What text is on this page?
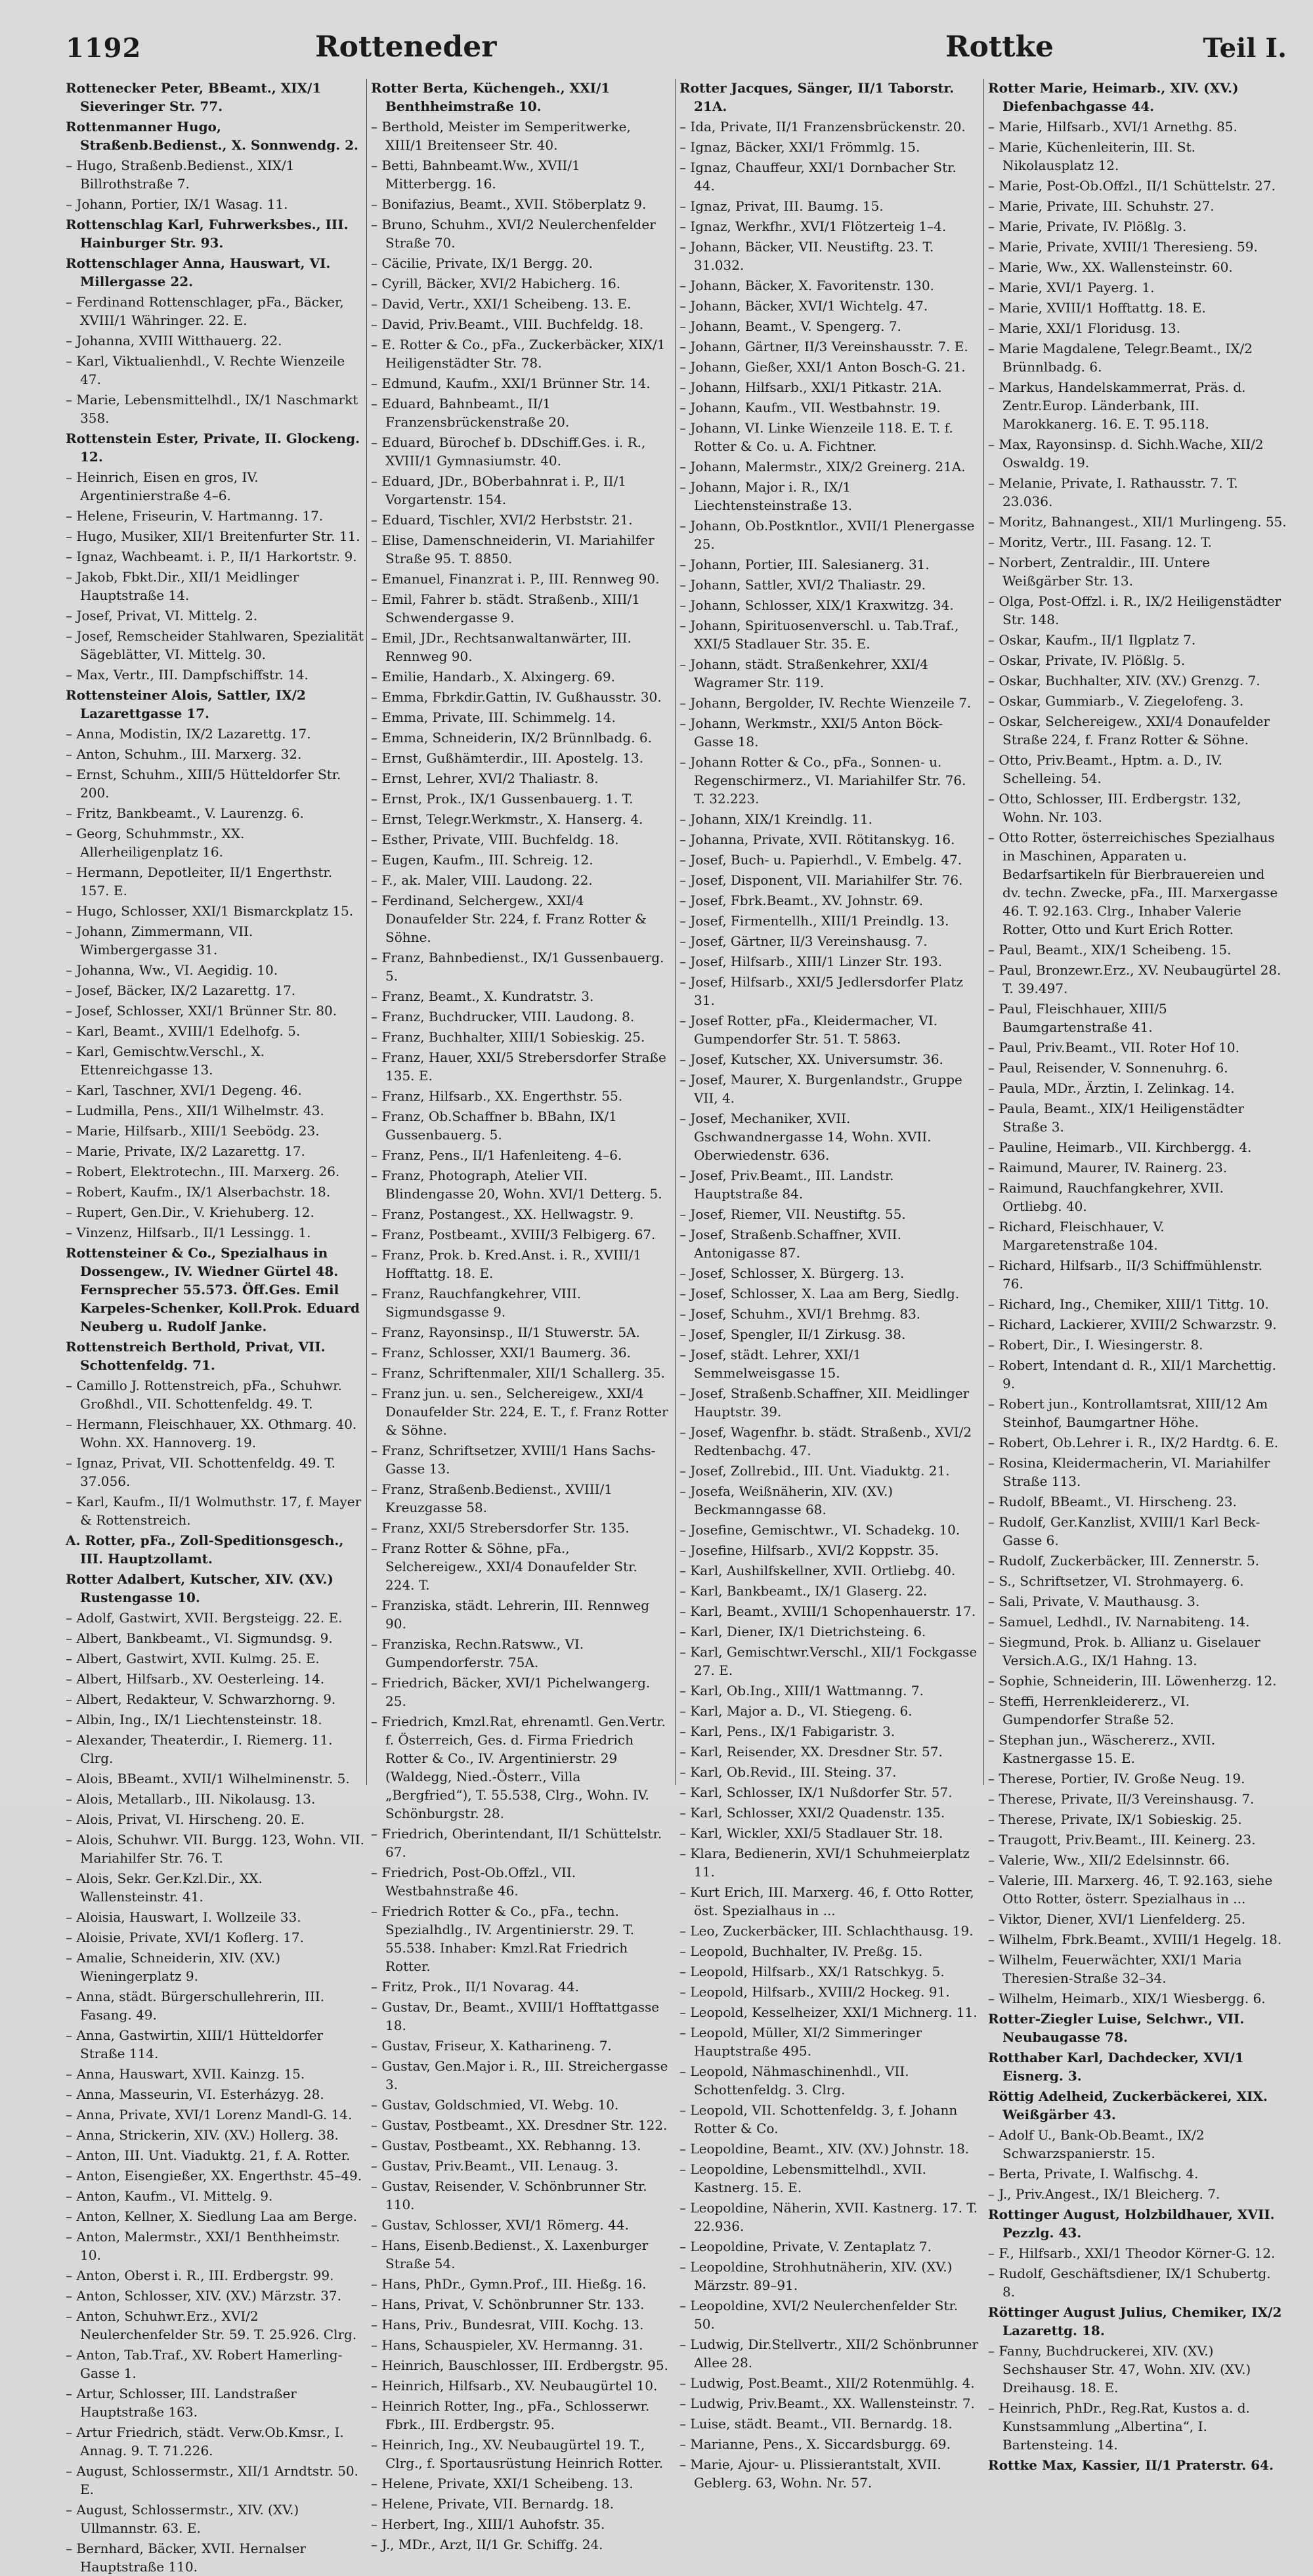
1192	Rotteneder	Rottke	Teil I.

Rottenecker Peter, BBeamt., XIX/1 Sieveringer Str. 77.

Rottenmanner Hugo, Straßenb.Bedienst., X. Sonnwendg. 2.

– Hugo, Straßenb.Bedienst., XIX/1 Billrothstraße 7.

– Johann, Portier, IX/1 Wasag. 11.

Rottenschlag Karl, Fuhrwerksbes., III. Hainburger Str. 93.

Rottenschlager Anna, Hauswart, VI. Millergasse 22.

– Ferdinand Rottenschlager, pFa., Bäcker, XVIII/1 Währinger. 22. E.

– Johanna, XVIII Witthauerg. 22.

– Karl, Viktualienhdl., V. Rechte Wienzeile 47.

– Marie, Lebensmittelhdl., IX/1 Naschmarkt 358.

Rottenstein Ester, Private, II. Glockeng. 12.

– Heinrich, Eisen en gros, IV. Argentinierstraße 4–6.

– Helene, Friseurin, V. Hartmanng. 17.

– Hugo, Musiker, XII/1 Breitenfurter Str. 11.

– Ignaz, Wachbeamt. i. P., II/1 Harkortstr. 9.

– Jakob, Fbkt.Dir., XII/1 Meidlinger Hauptstraße 14.

– Josef, Privat, VI. Mittelg. 2.

– Josef, Remscheider Stahlwaren, Spezialität Sägeblätter, VI. Mittelg. 30.

– Max, Vertr., III. Dampfschiffstr. 14.

Rottensteiner Alois, Sattler, IX/2 Lazarettgasse 17.

– Anna, Modistin, IX/2 Lazarettg. 17.

– Anton, Schuhm., III. Marxerg. 32.

– Ernst, Schuhm., XIII/5 Hütteldorfer Str. 200.

– Fritz, Bankbeamt., V. Laurenzg. 6.

– Georg, Schuhmmstr., XX. Allerheiligenplatz 16.

– Hermann, Depotleiter, II/1 Engerthstr. 157. E.

– Hugo, Schlosser, XXI/1 Bismarckplatz 15.

– Johann, Zimmermann, VII. Wimbergergasse 31.

– Johanna, Ww., VI. Aegidig. 10.

– Josef, Bäcker, IX/2 Lazarettg. 17.

– Josef, Schlosser, XXI/1 Brünner Str. 80.

– Karl, Beamt., XVIII/1 Edelhofg. 5.

– Karl, Gemischtw.Verschl., X. Ettenreichgasse 13.

– Karl, Taschner, XVI/1 Degeng. 46.

– Ludmilla, Pens., XII/1 Wilhelmstr. 43.

– Marie, Hilfsarb., XIII/1 Seebödg. 23.

– Marie, Private, IX/2 Lazarettg. 17.

– Robert, Elektrotechn., III. Marxerg. 26.

– Robert, Kaufm., IX/1 Alserbachstr. 18.

– Rupert, Gen.Dir., V. Kriehuberg. 12.

– Vinzenz, Hilfsarb., II/1 Lessingg. 1.

Rottensteiner & Co., Spezialhaus in Dossengew., IV. Wiedner Gürtel 48. Fernsprecher 55.573. Öff.Ges. Emil Karpeles-Schenker, Koll.Prok. Eduard Neuberg u. Rudolf Janke.

Rottenstreich Berthold, Privat, VII. Schottenfeldg. 71.

– Camillo J. Rottenstreich, pFa., Schuhwr. Großhdl., VII. Schottenfeldg. 49. T.

– Hermann, Fleischhauer, XX. Othmarg. 40. Wohn. XX. Hannoverg. 19.

– Ignaz, Privat, VII. Schottenfeldg. 49. T. 37.056.

– Karl, Kaufm., II/1 Wolmuthstr. 17, f. Mayer & Rottenstreich.

A. Rotter, pFa., Zoll-Speditionsgesch., III. Hauptzollamt.

Rotter Adalbert, Kutscher, XIV. (XV.) Rustengasse 10.

– Adolf, Gastwirt, XVII. Bergsteigg. 22. E.

– Albert, Bankbeamt., VI. Sigmundsg. 9.

– Albert, Gastwirt, XVII. Kulmg. 25. E.

– Albert, Hilfsarb., XV. Oesterleing. 14.

– Albert, Redakteur, V. Schwarzhorng. 9.

– Albin, Ing., IX/1 Liechtensteinstr. 18.

– Alexander, Theaterdir., I. Riemerg. 11. Clrg.

– Alois, BBeamt., XVII/1 Wilhelminenstr. 5.

– Alois, Metallarb., III. Nikolausg. 13.

– Alois, Privat, VI. Hirscheng. 20. E.

– Alois, Schuhwr. VII. Burgg. 123, Wohn. VII. Mariahilfer Str. 76. T.

– Alois, Sekr. Ger.Kzl.Dir., XX. Wallensteinstr. 41.

– Aloisia, Hauswart, I. Wollzeile 33.

– Aloisie, Private, XVI/1 Koflerg. 17.

– Amalie, Schneiderin, XIV. (XV.) Wieningerplatz 9.

– Anna, städt. Bürgerschullehrerin, III. Fasang. 49.

– Anna, Gastwirtin, XIII/1 Hütteldorfer Straße 114.

– Anna, Hauswart, XVII. Kainzg. 15.

– Anna, Masseurin, VI. Esterházyg. 28.

– Anna, Private, XVI/1 Lorenz Mandl-G. 14.

– Anna, Strickerin, XIV. (XV.) Hollerg. 38.

– Anton, III. Unt. Viaduktg. 21, f. A. Rotter.

– Anton, Eisengießer, XX. Engerthstr. 45–49.

– Anton, Kaufm., VI. Mittelg. 9.

– Anton, Kellner, X. Siedlung Laa am Berge.

– Anton, Malermstr., XXI/1 Benthheimstr. 10.

– Anton, Oberst i. R., III. Erdbergstr. 99.

– Anton, Schlosser, XIV. (XV.) Märzstr. 37.

– Anton, Schuhwr.Erz., XVI/2 Neulerchenfelder Str. 59. T. 25.926. Clrg.

– Anton, Tab.Traf., XV. Robert Hamerling-Gasse 1.

– Artur, Schlosser, III. Landstraßer Hauptstraße 163.

– Artur Friedrich, städt. Verw.Ob.Kmsr., I. Annag. 9. T. 71.226.

– August, Schlossermstr., XII/1 Arndtstr. 50. E.

– August, Schlossermstr., XIV. (XV.) Ullmannstr. 63. E.

– Bernhard, Bäcker, XVII. Hernalser Hauptstraße 110.

Rotter Berta, Küchengeh., XXI/1 Benthheimstraße 10.

– Berthold, Meister im Semperitwerke, XIII/1 Breitenseer Str. 40.

– Betti, Bahnbeamt.Ww., XVII/1 Mitterbergg. 16.

– Bonifazius, Beamt., XVII. Stöberplatz 9.

– Bruno, Schuhm., XVI/2 Neulerchenfelder Straße 70.

– Cäcilie, Private, IX/1 Bergg. 20.

– Cyrill, Bäcker, XVI/2 Habicherg. 16.

– David, Vertr., XXI/1 Scheibeng. 13. E.

– David, Priv.Beamt., VIII. Buchfeldg. 18.

– E. Rotter & Co., pFa., Zuckerbäcker, XIX/1 Heiligenstädter Str. 78.

– Edmund, Kaufm., XXI/1 Brünner Str. 14.

– Eduard, Bahnbeamt., II/1 Franzensbrückenstraße 20.

– Eduard, Bürochef b. DDschiff.Ges. i. R., XVIII/1 Gymnasiumstr. 40.

– Eduard, JDr., BOberbahnrat i. P., II/1 Vorgartenstr. 154.

– Eduard, Tischler, XVI/2 Herbststr. 21.

– Elise, Damenschneiderin, VI. Mariahilfer Straße 95. T. 8850.

– Emanuel, Finanzrat i. P., III. Rennweg 90.

– Emil, Fahrer b. städt. Straßenb., XIII/1 Schwendergasse 9.

– Emil, JDr., Rechtsanwaltanwärter, III. Rennweg 90.

– Emilie, Handarb., X. Alxingerg. 69.

– Emma, Fbrkdir.Gattin, IV. Gußhausstr. 30.

– Emma, Private, III. Schimmelg. 14.

– Emma, Schneiderin, IX/2 Brünnlbadg. 6.

– Ernst, Gußhämterdir., III. Apostelg. 13.

– Ernst, Lehrer, XVI/2 Thaliastr. 8.

– Ernst, Prok., IX/1 Gussenbauerg. 1. T.

– Ernst, Telegr.Werkmstr., X. Hanserg. 4.

– Esther, Private, VIII. Buchfeldg. 18.

– Eugen, Kaufm., III. Schreig. 12.

– F., ak. Maler, VIII. Laudong. 22.

– Ferdinand, Selchergew., XXI/4 Donaufelder Str. 224, f. Franz Rotter & Söhne.

– Franz, Bahnbedienst., IX/1 Gussenbauerg. 5.

– Franz, Beamt., X. Kundratstr. 3.

– Franz, Buchdrucker, VIII. Laudong. 8.

– Franz, Buchhalter, XIII/1 Sobieskig. 25.

– Franz, Hauer, XXI/5 Strebersdorfer Straße 135. E.

– Franz, Hilfsarb., XX. Engerthstr. 55.

– Franz, Ob.Schaffner b. BBahn, IX/1 Gussenbauerg. 5.

– Franz, Pens., II/1 Hafenleiteng. 4–6.

– Franz, Photograph, Atelier VII. Blindengasse 20, Wohn. XVI/1 Detterg. 5.

– Franz, Postangest., XX. Hellwagstr. 9.

– Franz, Postbeamt., XVIII/3 Felbigerg. 67.

– Franz, Prok. b. Kred.Anst. i. R., XVIII/1 Hofftattg. 18. E.

– Franz, Rauchfangkehrer, VIII. Sigmundsgasse 9.

– Franz, Rayonsinsp., II/1 Stuwerstr. 5A.

– Franz, Schlosser, XXI/1 Baumerg. 36.

– Franz, Schriftenmaler, XII/1 Schallerg. 35.

– Franz jun. u. sen., Selchereigew., XXI/4 Donaufelder Str. 224, E. T., f. Franz Rotter & Söhne.

– Franz, Schriftsetzer, XVIII/1 Hans Sachs-Gasse 13.

– Franz, Straßenb.Bedienst., XVIII/1 Kreuzgasse 58.

– Franz, XXI/5 Strebersdorfer Str. 135.

– Franz Rotter & Söhne, pFa., Selchereigew., XXI/4 Donaufelder Str. 224. T.

– Franziska, städt. Lehrerin, III. Rennweg 90.

– Franziska, Rechn.Ratsww., VI. Gumpendorferstr. 75A.

– Friedrich, Bäcker, XVI/1 Pichelwangerg. 25.

– Friedrich, Kmzl.Rat, ehrenamtl. Gen.Vertr. f. Österreich, Ges. d. Firma Friedrich Rotter & Co., IV. Argentinierstr. 29 (Waldegg, Nied.-Österr., Villa „Bergfried“), T. 55.538, Clrg., Wohn. IV. Schönburgstr. 28.

– Friedrich, Oberintendant, II/1 Schüttelstr. 67.

– Friedrich, Post-Ob.Offzl., VII. Westbahnstraße 46.

– Friedrich Rotter & Co., pFa., techn. Spezialhdlg., IV. Argentinierstr. 29. T. 55.538. Inhaber: Kmzl.Rat Friedrich Rotter.

– Fritz, Prok., II/1 Novarag. 44.

– Gustav, Dr., Beamt., XVIII/1 Hofftattgasse 18.

– Gustav, Friseur, X. Katharineng. 7.

– Gustav, Gen.Major i. R., III. Streichergasse 3.

– Gustav, Goldschmied, VI. Webg. 10.

– Gustav, Postbeamt., XX. Dresdner Str. 122.

– Gustav, Postbeamt., XX. Rebhanng. 13.

– Gustav, Priv.Beamt., VII. Lenaug. 3.

– Gustav, Reisender, V. Schönbrunner Str. 110.

– Gustav, Schlosser, XVI/1 Römerg. 44.

– Hans, Eisenb.Bedienst., X. Laxenburger Straße 54.

– Hans, PhDr., Gymn.Prof., III. Hießg. 16.

– Hans, Privat, V. Schönbrunner Str. 133.

– Hans, Priv., Bundesrat, VIII. Kochg. 13.

– Hans, Schauspieler, XV. Hermanng. 31.

– Heinrich, Bauschlosser, III. Erdbergstr. 95.

– Heinrich, Hilfsarb., XV. Neubaugürtel 10.

– Heinrich Rotter, Ing., pFa., Schlosserwr. Fbrk., III. Erdbergstr. 95.

– Heinrich, Ing., XV. Neubaugürtel 19. T., Clrg., f. Sportausrüstung Heinrich Rotter.

– Helene, Private, XXI/1 Scheibeng. 13.

– Helene, Private, VII. Bernardg. 18.

– Herbert, Ing., XIII/1 Auhofstr. 35.

– J., MDr., Arzt, II/1 Gr. Schiffg. 24.

Rotter Jacques, Sänger, II/1 Taborstr. 21A.

– Ida, Private, II/1 Franzensbrückenstr. 20.

– Ignaz, Bäcker, XXI/1 Frömmlg. 15.

– Ignaz, Chauffeur, XXI/1 Dornbacher Str. 44.

– Ignaz, Privat, III. Baumg. 15.

– Ignaz, Werkfhr., XVI/1 Flötzerteig 1–4.

– Johann, Bäcker, VII. Neustiftg. 23. T. 31.032.

– Johann, Bäcker, X. Favoritenstr. 130.

– Johann, Bäcker, XVI/1 Wichtelg. 47.

– Johann, Beamt., V. Spengerg. 7.

– Johann, Gärtner, II/3 Vereinshausstr. 7. E.

– Johann, Gießer, XXI/1 Anton Bosch-G. 21.

– Johann, Hilfsarb., XXI/1 Pitkastr. 21A.

– Johann, Kaufm., VII. Westbahnstr. 19.

– Johann, VI. Linke Wienzeile 118. E. T. f. Rotter & Co. u. A. Fichtner.

– Johann, Malermstr., XIX/2 Greinerg. 21A.

– Johann, Major i. R., IX/1 Liechtensteinstraße 13.

– Johann, Ob.Postkntlor., XVII/1 Plenergasse 25.

– Johann, Portier, III. Salesianerg. 31.

– Johann, Sattler, XVI/2 Thaliastr. 29.

– Johann, Schlosser, XIX/1 Kraxwitzg. 34.

– Johann, Spirituosenverschl. u. Tab.Traf., XXI/5 Stadlauer Str. 35. E.

– Johann, städt. Straßenkehrer, XXI/4 Wagramer Str. 119.

– Johann, Bergolder, IV. Rechte Wienzeile 7.

– Johann, Werkmstr., XXI/5 Anton Böck-Gasse 18.

– Johann Rotter & Co., pFa., Sonnen- u. Regenschirmerz., VI. Mariahilfer Str. 76. T. 32.223.

– Johann, XIX/1 Kreindlg. 11.

– Johanna, Private, XVII. Rötitanskyg. 16.

– Josef, Buch- u. Papierhdl., V. Embelg. 47.

– Josef, Disponent, VII. Mariahilfer Str. 76.

– Josef, Fbrk.Beamt., XV. Johnstr. 69.

– Josef, Firmentellh., XIII/1 Preindlg. 13.

– Josef, Gärtner, II/3 Vereinshausg. 7.

– Josef, Hilfsarb., XIII/1 Linzer Str. 193.

– Josef, Hilfsarb., XXI/5 Jedlersdorfer Platz 31.

– Josef Rotter, pFa., Kleidermacher, VI. Gumpendorfer Str. 51. T. 5863.

– Josef, Kutscher, XX. Universumstr. 36.

– Josef, Maurer, X. Burgenlandstr., Gruppe VII, 4.

– Josef, Mechaniker, XVII. Gschwandnergasse 14, Wohn. XVII. Oberwiedenstr. 636.

– Josef, Priv.Beamt., III. Landstr. Hauptstraße 84.

– Josef, Riemer, VII. Neustiftg. 55.

– Josef, Straßenb.Schaffner, XVII. Antonigasse 87.

– Josef, Schlosser, X. Bürgerg. 13.

– Josef, Schlosser, X. Laa am Berg, Siedlg.

– Josef, Schuhm., XVI/1 Brehmg. 83.

– Josef, Spengler, II/1 Zirkusg. 38.

– Josef, städt. Lehrer, XXI/1 Semmelweisgasse 15.

– Josef, Straßenb.Schaffner, XII. Meidlinger Hauptstr. 39.

– Josef, Wagenfhr. b. städt. Straßenb., XVI/2 Redtenbachg. 47.

– Josef, Zollrebid., III. Unt. Viaduktg. 21.

– Josefa, Weißnäherin, XIV. (XV.) Beckmanngasse 68.

– Josefine, Gemischtwr., VI. Schadekg. 10.

– Josefine, Hilfsarb., XVI/2 Koppstr. 35.

– Karl, Aushilfskellner, XVII. Ortliebg. 40.

– Karl, Bankbeamt., IX/1 Glaserg. 22.

– Karl, Beamt., XVIII/1 Schopenhauerstr. 17.

– Karl, Diener, IX/1 Dietrichsteing. 6.

– Karl, Gemischtwr.Verschl., XII/1 Fockgasse 27. E.

– Karl, Ob.Ing., XIII/1 Wattmanng. 7.

– Karl, Major a. D., VI. Stiegeng. 6.

– Karl, Pens., IX/1 Fabigaristr. 3.

– Karl, Reisender, XX. Dresdner Str. 57.

– Karl, Ob.Revid., III. Steing. 37.

– Karl, Schlosser, IX/1 Nußdorfer Str. 57.

– Karl, Schlosser, XXI/2 Quadenstr. 135.

– Karl, Wickler, XXI/5 Stadlauer Str. 18.

– Klara, Bedienerin, XVI/1 Schuhmeierplatz 11.

– Kurt Erich, III. Marxerg. 46, f. Otto Rotter, öst. Spezialhaus in ...

– Leo, Zuckerbäcker, III. Schlachthausg. 19.

– Leopold, Buchhalter, IV. Preßg. 15.

– Leopold, Hilfsarb., XX/1 Ratschkyg. 5.

– Leopold, Hilfsarb., XVIII/2 Hockeg. 91.

– Leopold, Kesselheizer, XXI/1 Michnerg. 11.

– Leopold, Müller, XI/2 Simmeringer Hauptstraße 495.

– Leopold, Nähmaschinenhdl., VII. Schottenfeldg. 3. Clrg.

– Leopold, VII. Schottenfeldg. 3, f. Johann Rotter & Co.

– Leopoldine, Beamt., XIV. (XV.) Johnstr. 18.

– Leopoldine, Lebensmittelhdl., XVII. Kastnerg. 15. E.

– Leopoldine, Näherin, XVII. Kastnerg. 17. T. 22.936.

– Leopoldine, Private, V. Zentaplatz 7.

– Leopoldine, Strohhutnäherin, XIV. (XV.) Märzstr. 89–91.

– Leopoldine, XVI/2 Neulerchenfelder Str. 50.

– Ludwig, Dir.Stellvertr., XII/2 Schönbrunner Allee 28.

– Ludwig, Post.Beamt., XII/2 Rotenmühlg. 4.

– Ludwig, Priv.Beamt., XX. Wallensteinstr. 7.

– Luise, städt. Beamt., VII. Bernardg. 18.

– Marianne, Pens., X. Siccardsburgg. 69.

– Marie, Ajour- u. Plissierantstalt, XVII. Geblerg. 63, Wohn. Nr. 57.

Rotter Marie, Heimarb., XIV. (XV.) Diefenbachgasse 44.

– Marie, Hilfsarb., XVI/1 Arnethg. 85.

– Marie, Küchenleiterin, III. St. Nikolausplatz 12.

– Marie, Post-Ob.Offzl., II/1 Schüttelstr. 27.

– Marie, Private, III. Schuhstr. 27.

– Marie, Private, IV. Plößlg. 3.

– Marie, Private, XVIII/1 Theresieng. 59.

– Marie, Ww., XX. Wallensteinstr. 60.

– Marie, XVI/1 Payerg. 1.

– Marie, XVIII/1 Hofftattg. 18. E.

– Marie, XXI/1 Floridusg. 13.

– Marie Magdalene, Telegr.Beamt., IX/2 Brünnlbadg. 6.

– Markus, Handelskammerrat, Präs. d. Zentr.Europ. Länderbank, III. Marokkanerg. 16. E. T. 95.118.

– Max, Rayonsinsp. d. Sichh.Wache, XII/2 Oswaldg. 19.

– Melanie, Private, I. Rathausstr. 7. T. 23.036.

– Moritz, Bahnangest., XII/1 Murlingeng. 55.

– Moritz, Vertr., III. Fasang. 12. T.

– Norbert, Zentraldir., III. Untere Weißgärber Str. 13.

– Olga, Post-Offzl. i. R., IX/2 Heiligenstädter Str. 148.

– Oskar, Kaufm., II/1 Ilgplatz 7.

– Oskar, Private, IV. Plößlg. 5.

– Oskar, Buchhalter, XIV. (XV.) Grenzg. 7.

– Oskar, Gummiarb., V. Ziegelofeng. 3.

– Oskar, Selchereigew., XXI/4 Donaufelder Straße 224, f. Franz Rotter & Söhne.

– Otto, Priv.Beamt., Hptm. a. D., IV. Schelleing. 54.

– Otto, Schlosser, III. Erdbergstr. 132, Wohn. Nr. 103.

– Otto Rotter, österreichisches Spezialhaus in Maschinen, Apparaten u. Bedarfsartikeln für Bierbrauereien und dv. techn. Zwecke, pFa., III. Marxergasse 46. T. 92.163. Clrg., Inhaber Valerie Rotter, Otto und Kurt Erich Rotter.

– Paul, Beamt., XIX/1 Scheibeng. 15.

– Paul, Bronzewr.Erz., XV. Neubaugürtel 28. T. 39.497.

– Paul, Fleischhauer, XIII/5 Baumgartenstraße 41.

– Paul, Priv.Beamt., VII. Roter Hof 10.

– Paul, Reisender, V. Sonnenuhrg. 6.

– Paula, MDr., Ärztin, I. Zelinkag. 14.

– Paula, Beamt., XIX/1 Heiligenstädter Straße 3.

– Pauline, Heimarb., VII. Kirchbergg. 4.

– Raimund, Maurer, IV. Rainerg. 23.

– Raimund, Rauchfangkehrer, XVII. Ortliebg. 40.

– Richard, Fleischhauer, V. Margaretenstraße 104.

– Richard, Hilfsarb., II/3 Schiffmühlenstr. 76.

– Richard, Ing., Chemiker, XIII/1 Tittg. 10.

– Richard, Lackierer, XVIII/2 Schwarzstr. 9.

– Robert, Dir., I. Wiesingerstr. 8.

– Robert, Intendant d. R., XII/1 Marchettig. 9.

– Robert jun., Kontrollamtsrat, XIII/12 Am Steinhof, Baumgartner Höhe.

– Robert, Ob.Lehrer i. R., IX/2 Hardtg. 6. E.

– Rosina, Kleidermacherin, VI. Mariahilfer Straße 113.

– Rudolf, BBeamt., VI. Hirscheng. 23.

– Rudolf, Ger.Kanzlist, XVIII/1 Karl Beck-Gasse 6.

– Rudolf, Zuckerbäcker, III. Zennerstr. 5.

– S., Schriftsetzer, VI. Strohmayerg. 6.

– Sali, Private, V. Mauthausg. 3.

– Samuel, Ledhdl., IV. Narnabiteng. 14.

– Siegmund, Prok. b. Allianz u. Giselauer Versich.A.G., IX/1 Hahng. 13.

– Sophie, Schneiderin, III. Löwenherzg. 12.

– Steffi, Herrenkleidererz., VI. Gumpendorfer Straße 52.

– Stephan jun., Wäschererz., XVII. Kastnergasse 15. E.

– Therese, Portier, IV. Große Neug. 19.

– Therese, Private, II/3 Vereinshausg. 7.

– Therese, Private, IX/1 Sobieskig. 25.

– Traugott, Priv.Beamt., III. Keinerg. 23.

– Valerie, Ww., XII/2 Edelsinnstr. 66.

– Valerie, III. Marxerg. 46, T. 92.163, siehe Otto Rotter, österr. Spezialhaus in ...

– Viktor, Diener, XVI/1 Lienfelderg. 25.

– Wilhelm, Fbrk.Beamt., XVIII/1 Hegelg. 18.

– Wilhelm, Feuerwächter, XXI/1 Maria Theresien-Straße 32–34.

– Wilhelm, Heimarb., XIX/1 Wiesbergg. 6.

Rotter-Ziegler Luise, Selchwr., VII. Neubaugasse 78.

Rotthaber Karl, Dachdecker, XVI/1 Eisnerg. 3.

Röttig Adelheid, Zuckerbäckerei, XIX. Weißgärber 43.

– Adolf U., Bank-Ob.Beamt., IX/2 Schwarzspanierstr. 15.

– Berta, Private, I. Walfischg. 4.

– J., Priv.Angest., IX/1 Bleicherg. 7.

Rottinger August, Holzbildhauer, XVII. Pezzlg. 43.

– F., Hilfsarb., XXI/1 Theodor Körner-G. 12.

– Rudolf, Geschäftsdiener, IX/1 Schubertg. 8.

Röttinger August Julius, Chemiker, IX/2 Lazarettg. 18.

– Fanny, Buchdruckerei, XIV. (XV.) Sechshauser Str. 47, Wohn. XIV. (XV.) Dreihausg. 18. E.

– Heinrich, PhDr., Reg.Rat, Kustos a. d. Kunstsammlung „Albertina“, I. Bartensteing. 14.

Rottke Max, Kassier, II/1 Praterstr. 64.
